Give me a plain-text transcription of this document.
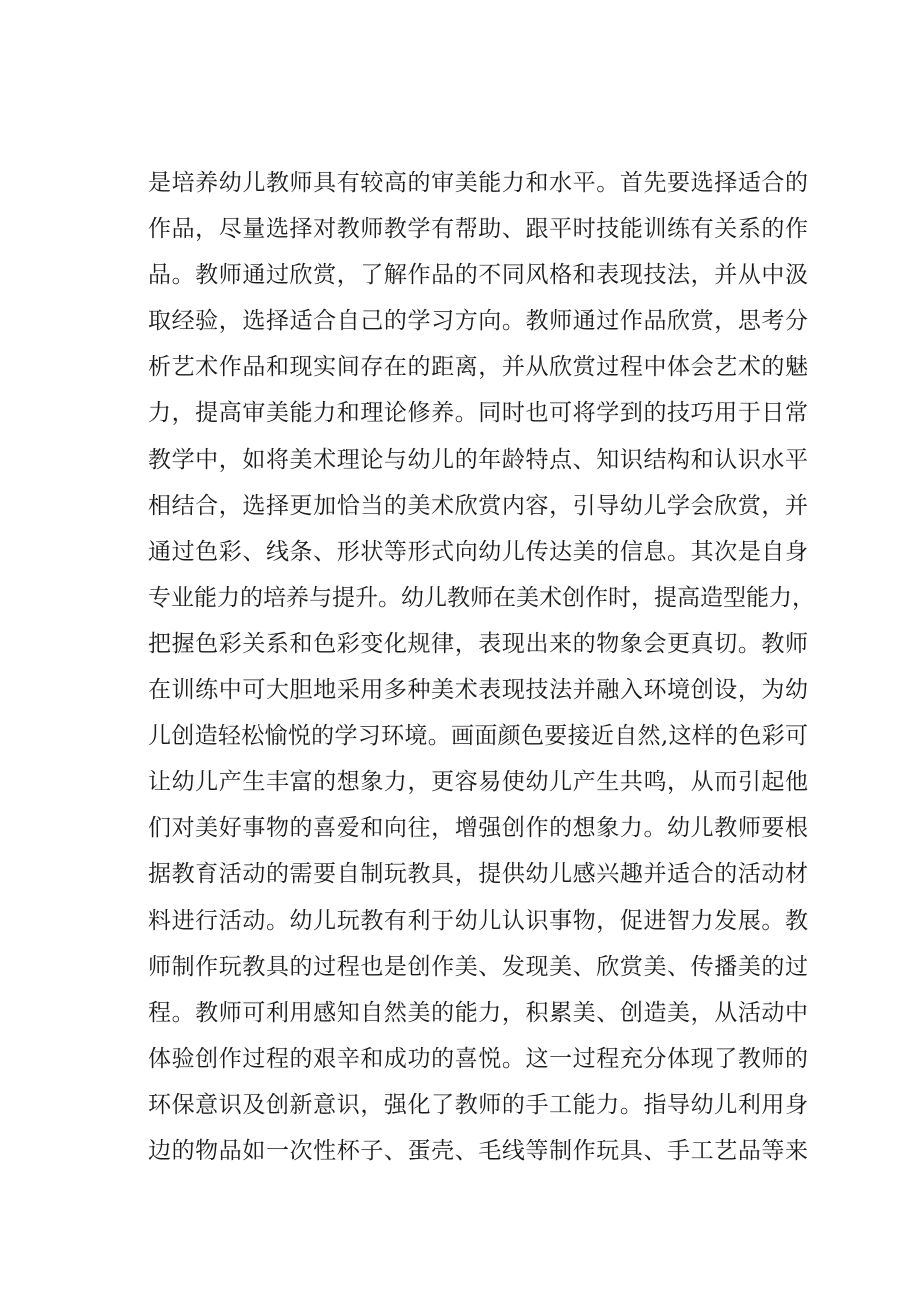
是培养幼儿教师具有较高的审美能力和水平。首先要选择适合的
作品，尽量选择对教师教学有帮助、跟平时技能训练有关系的作
品。教师通过欣赏，了解作品的不同风格和表现技法，并从中汲
取经验，选择适合自己的学习方向。教师通过作品欣赏，思考分
析艺术作品和现实间存在的距离，并从欣赏过程中体会艺术的魅
力，提高审美能力和理论修养。同时也可将学到的技巧用于日常
教学中，如将美术理论与幼儿的年龄特点、知识结构和认识水平
相结合，选择更加恰当的美术欣赏内容，引导幼儿学会欣赏，并
通过色彩、线条、形状等形式向幼儿传达美的信息。其次是自身
专业能力的培养与提升。幼儿教师在美术创作时，提高造型能力，
把握色彩关系和色彩变化规律，表现出来的物象会更真切。教师
在训练中可大胆地采用多种美术表现技法并融入环境创设，为幼
儿创造轻松愉悦的学习环境。画面颜色要接近自然,这样的色彩可
让幼儿产生丰富的想象力，更容易使幼儿产生共鸣，从而引起他
们对美好事物的喜爱和向往，增强创作的想象力。幼儿教师要根
据教育活动的需要自制玩教具，提供幼儿感兴趣并适合的活动材
料进行活动。幼儿玩教有利于幼儿认识事物，促进智力发展。教
师制作玩教具的过程也是创作美、发现美、欣赏美、传播美的过
程。教师可利用感知自然美的能力，积累美、创造美，从活动中
体验创作过程的艰辛和成功的喜悦。这一过程充分体现了教师的
环保意识及创新意识，强化了教师的手工能力。指导幼儿利用身
边的物品如一次性杯子、蛋壳、毛线等制作玩具、手工艺品等来
